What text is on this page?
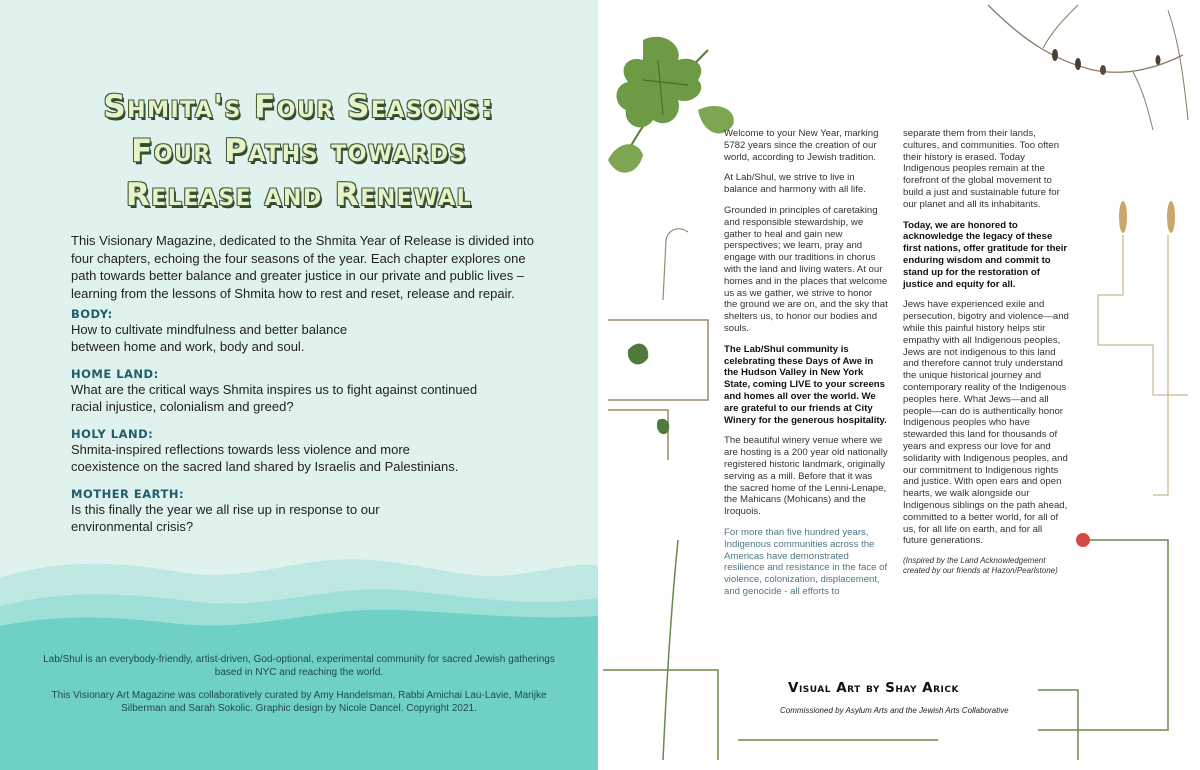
Shmita's Four Seasons:
Four Paths towards
Release and Renewal
This Visionary Magazine, dedicated to the Shmita Year of Release is divided into four chapters, echoing the four seasons of the year. Each chapter explores one path towards better balance and greater justice in our private and public lives – learning from the lessons of Shmita how to rest and reset, release and repair.
BODY:
How to cultivate mindfulness and better balance between home and work, body and soul.
HOME LAND:
What are the critical ways Shmita inspires us to fight against continued racial injustice, colonialism and greed?
HOLY LAND:
Shmita-inspired reflections towards less violence and more coexistence on the sacred land shared by Israelis and Palestinians.
MOTHER EARTH:
Is this finally the year we all rise up in response to our environmental crisis?
Lab/Shul is an everybody-friendly, artist-driven, God-optional, experimental community for sacred Jewish gatherings based in NYC and reaching the world.
This Visionary Art Magazine was collaboratively curated by Amy Handelsman, Rabbi Amichai Lau-Lavie, Marijke Silberman and Sarah Sokolic. Graphic design by Nicole Dancel. Copyright 2021.

Welcome to your New Year, marking 5782 years since the creation of our world, according to Jewish tradition.

At Lab/Shul, we strive to live in balance and harmony with all life.

Grounded in principles of caretaking and responsible stewardship, we gather to heal and gain new perspectives; we learn, pray and engage with our traditions in chorus with the land and living waters. At our homes and in the places that welcome us as we gather, we strive to honor the ground we are on, and the sky that shelters us, to honor our bodies and souls.

The Lab/Shul community is celebrating these Days of Awe in the Hudson Valley in New York State, coming LIVE to your screens and homes all over the world. We are grateful to our friends at City Winery for the generous hospitality.

The beautiful winery venue where we are hosting is a 200 year old nationally registered historic landmark, originally serving as a mill. Before that it was the sacred home of the Lenni-Lenape, the Mahicans (Mohicans) and the Iroquois.

For more than five hundred years, Indigenous communities across the Americas have demonstrated resilience and resistance in the face of violence, colonization, displacement, and genocide - all efforts to

separate them from their lands, cultures, and communities. Too often their history is erased. Today Indigenous peoples remain at the forefront of the global movement to build a just and sustainable future for our planet and all its inhabitants.

Today, we are honored to acknowledge the legacy of these first nations, offer gratitude for their enduring wisdom and commit to stand up for the restoration of justice and equity for all.

Jews have experienced exile and persecution, bigotry and violence—and while this painful history helps stir empathy with all Indigenous peoples, Jews are not indigenous to this land and therefore cannot truly understand the unique historical journey and contemporary reality of the Indigenous peoples here. What Jews—and all people—can do is authentically honor Indigenous peoples who have stewarded this land for thousands of years and express our love for and solidarity with Indigenous peoples, and our commitment to Indigenous rights and justice. With open ears and open hearts, we walk alongside our Indigenous siblings on the path ahead, committed to a better world, for all of us, for all life on earth, and for all future generations.

(Inspired by the Land Acknowledgement created by our friends at Hazon/Pearlstone)

Visual Art by Shay Arick
Commissioned by Asylum Arts and the Jewish Arts Collaborative
